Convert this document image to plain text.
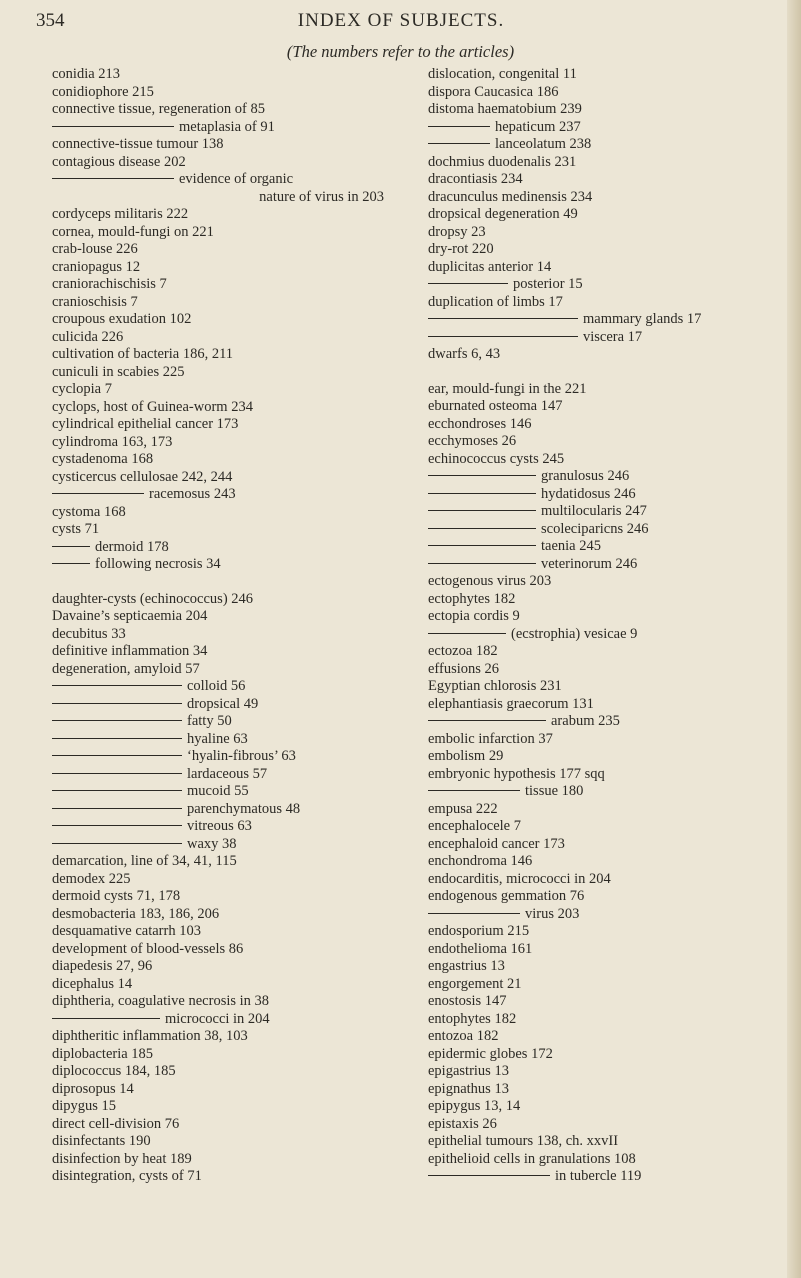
354	INDEX OF SUBJECTS.
(The numbers refer to the articles)
conidia 213
conidiophore 215
connective tissue, regeneration of 85
metaplasia of 91
connective-tissue tumour 138
contagious disease 202
evidence of organic
nature of virus in 203
cordyceps militaris 222
cornea, mould-fungi on 221
crab-louse 226
craniopagus 12
craniorachischisis 7
cranioschisis 7
croupous exudation 102
culicida 226
cultivation of bacteria 186, 211
cuniculi in scabies 225
cyclopia 7
cyclops, host of Guinea-worm 234
cylindrical epithelial cancer 173
cylindroma 163, 173
cystadenoma 168
cysticercus cellulosae 242, 244
racemosus 243
cystoma 168
cysts 71
dermoid 178
following necrosis 34
daughter-cysts (echinococcus) 246
Davaine’s septicaemia 204
decubitus 33
definitive inflammation 34
degeneration, amyloid 57
colloid 56
dropsical 49
fatty 50
hyaline 63
‘hyalin-fibrous’ 63
lardaceous 57
mucoid 55
parenchymatous 48
vitreous 63
waxy 38
demarcation, line of 34, 41, 115
demodex 225
dermoid cysts 71, 178
desmobacteria 183, 186, 206
desquamative catarrh 103
development of blood-vessels 86
diapedesis 27, 96
dicephalus 14
diphtheria, coagulative necrosis in 38
micrococci in 204
diphtheritic inflammation 38, 103
diplobacteria 185
diplococcus 184, 185
diprosopus 14
dipygus 15
direct cell-division 76
disinfectants 190
disinfection by heat 189
disintegration, cysts of 71
dislocation, congenital 11
dispora Caucasica 186
distoma haematobium 239
hepaticum 237
lanceolatum 238
dochmius duodenalis 231
dracontiasis 234
dracunculus medinensis 234
dropsical degeneration 49
dropsy 23
dry-rot 220
duplicitas anterior 14
posterior 15
duplication of limbs 17
mammary glands 17
viscera 17
dwarfs 6, 43
ear, mould-fungi in the 221
eburnated osteoma 147
ecchondroses 146
ecchymoses 26
echinococcus cysts 245
granulosus 246
hydatidosus 246
multilocularis 247
scoleciparicns 246
taenia 245
veterinorum 246
ectogenous virus 203
ectophytes 182
ectopia cordis 9
(ecstrophia) vesicae 9
ectozoa 182
effusions 26
Egyptian chlorosis 231
elephantiasis graecorum 131
arabum 235
embolic infarction 37
embolism 29
embryonic hypothesis 177 sqq
tissue 180
empusa 222
encephalocele 7
encephaloid cancer 173
enchondroma 146
endocarditis, micrococci in 204
endogenous gemmation 76
virus 203
endosporium 215
endothelioma 161
engastrius 13
engorgement 21
enostosis 147
entophytes 182
entozoa 182
epidermic globes 172
epigastrius 13
epignathus 13
epipygus 13, 14
epistaxis 26
epithelial tumours 138, ch. xxvII
epithelioid cells in granulations 108
in tubercle 119
